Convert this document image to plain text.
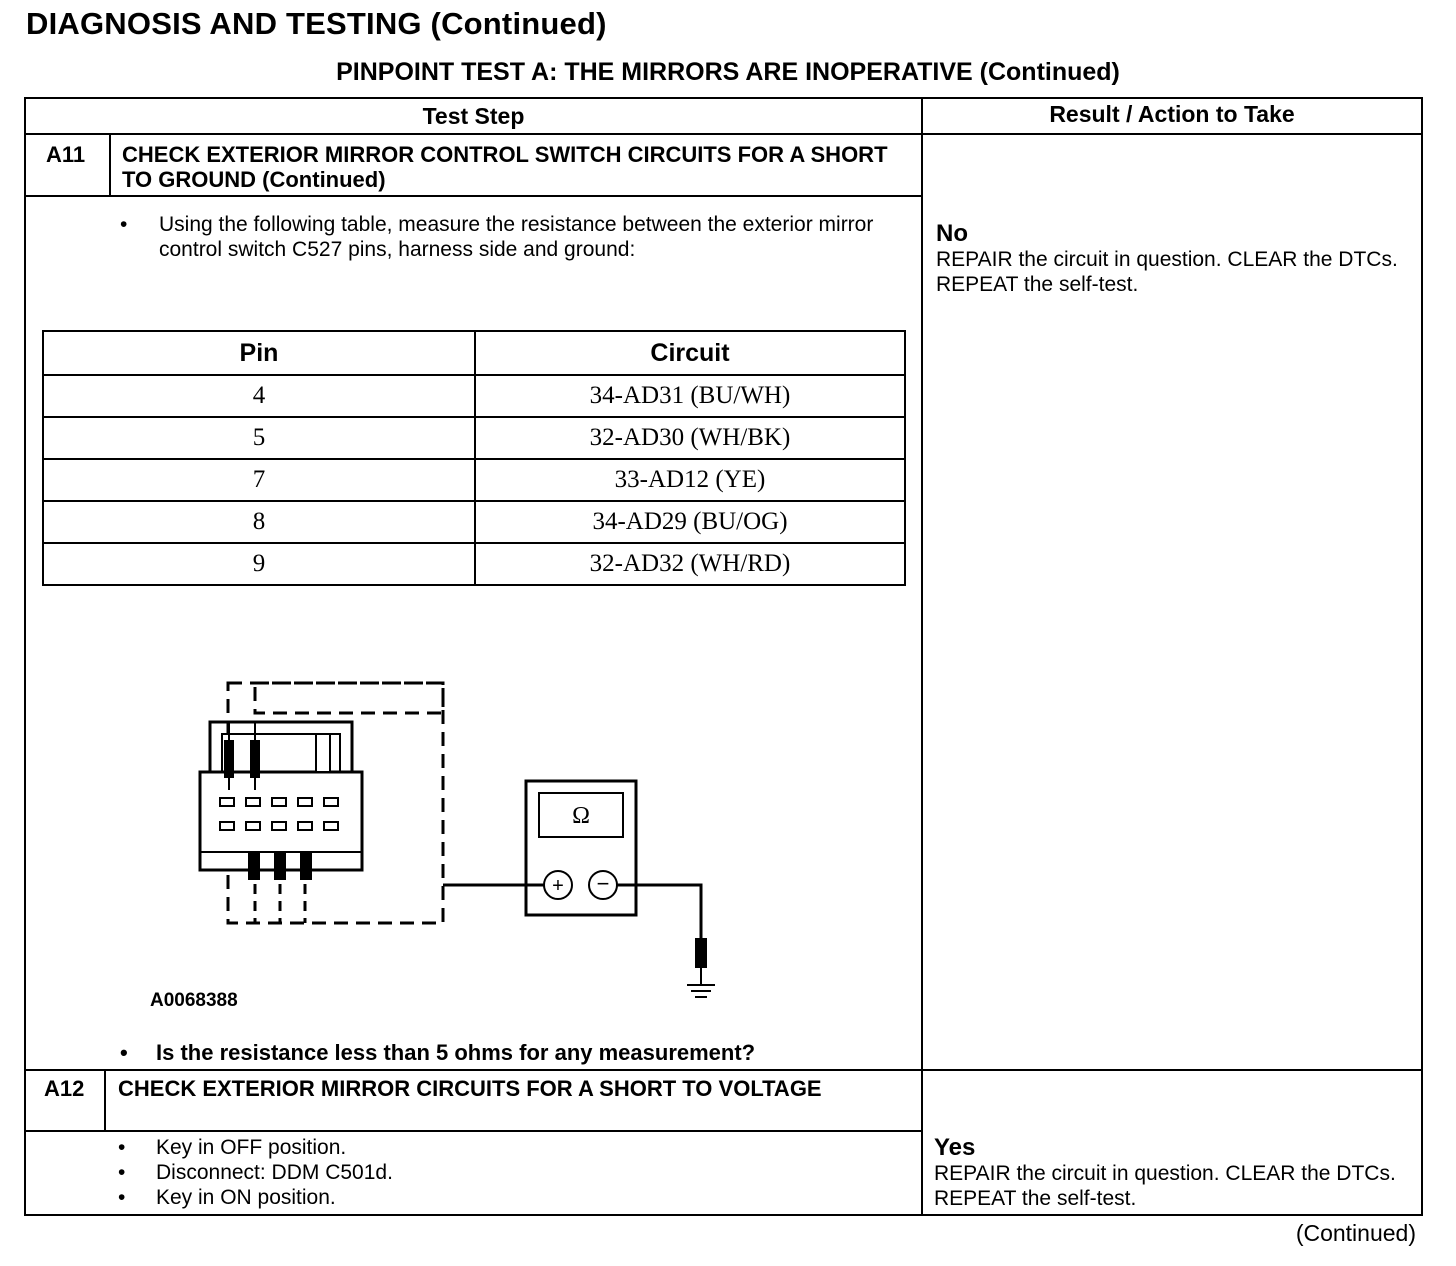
DIAGNOSIS AND TESTING (Continued)
PINPOINT TEST A: THE MIRRORS ARE INOPERATIVE (Continued)
Test Step	Result / Action to Take
A11 CHECK EXTERIOR MIRROR CONTROL SWITCH CIRCUITS FOR A SHORT TO GROUND (Continued)
• Using the following table, measure the resistance between the exterior mirror control switch C527 pins, harness side and ground:
Pin	Circuit
4	34-AD31 (BU/WH)
5	32-AD30 (WH/BK)
7	33-AD12 (YE)
8	34-AD29 (BU/OG)
9	32-AD32 (WH/RD)
+ −
Ω
A0068388
• Is the resistance less than 5 ohms for any measurement?
No
REPAIR the circuit in question. CLEAR the DTCs. REPEAT the self-test.
A12 CHECK EXTERIOR MIRROR CIRCUITS FOR A SHORT TO VOLTAGE
• Key in OFF position.
• Disconnect: DDM C501d.
• Key in ON position.
Yes
REPAIR the circuit in question. CLEAR the DTCs. REPEAT the self-test.
(Continued)
